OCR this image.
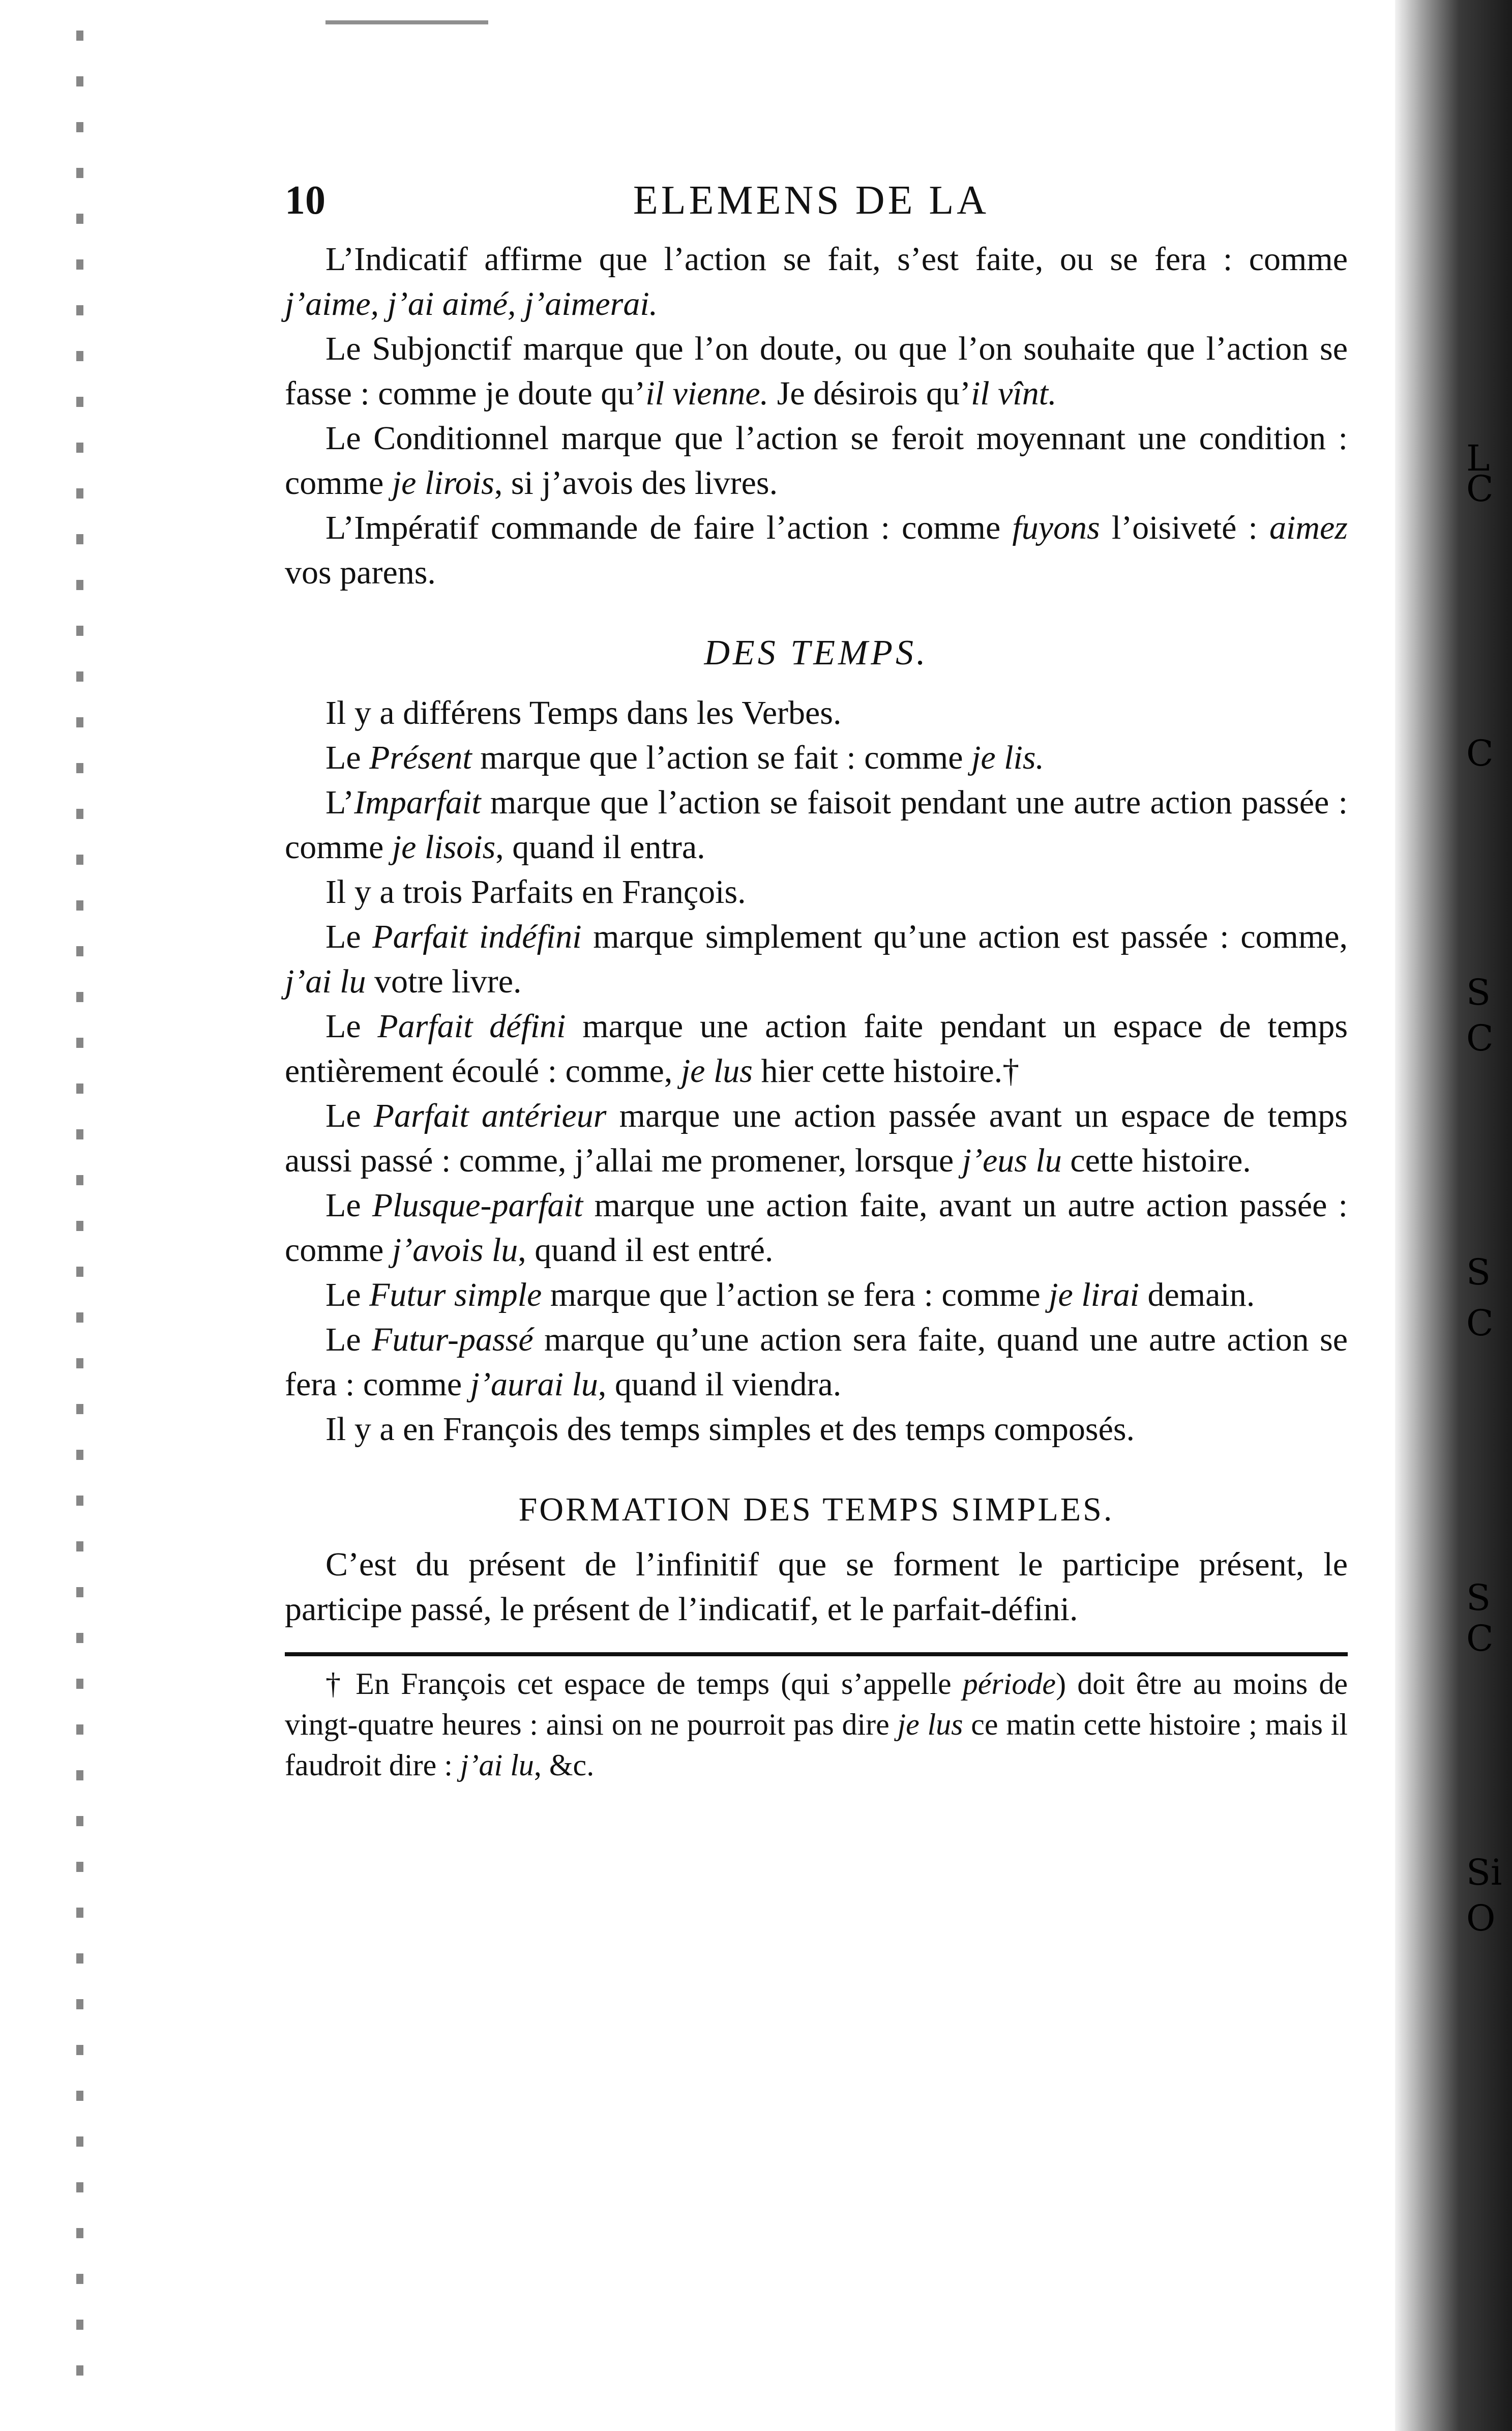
L
C
C
S
C
S
C
S
C
Si
O
10	ELEMENS DE LA

L’Indicatif affirme que l’action se fait, s’est faite, ou se fera : comme j’aime, j’ai aimé, j’aimerai.

Le Subjonctif marque que l’on doute, ou que l’on souhaite que l’action se fasse : comme je doute qu’il vienne. Je désirois qu’il vînt.

Le Conditionnel marque que l’action se feroit moyennant une condition : comme je lirois, si j’avois des livres.

L’Impératif commande de faire l’action : comme fuyons l’oisiveté : aimez vos parens.

DES TEMPS.

Il y a différens Temps dans les Verbes.

Le Présent marque que l’action se fait : comme je lis.

L’Imparfait marque que l’action se faisoit pendant une autre action passée : comme je lisois, quand il entra.

Il y a trois Parfaits en François.

Le Parfait indéfini marque simplement qu’une action est passée : comme, j’ai lu votre livre.

Le Parfait défini marque une action faite pendant un espace de temps entièrement écoulé : comme, je lus hier cette histoire.†

Le Parfait antérieur marque une action passée avant un espace de temps aussi passé : comme, j’allai me promener, lorsque j’eus lu cette histoire.

Le Plusque-parfait marque une action faite, avant un autre action passée : comme j’avois lu, quand il est entré.

Le Futur simple marque que l’action se fera : comme je lirai demain.

Le Futur-passé marque qu’une action sera faite, quand une autre action se fera : comme j’aurai lu, quand il viendra.

Il y a en François des temps simples et des temps composés.

FORMATION DES TEMPS SIMPLES.

C’est du présent de l’infinitif que se forment le participe présent, le participe passé, le présent de l’indicatif, et le parfait-défini.

† En François cet espace de temps (qui s’appelle période) doit être au moins de vingt-quatre heures : ainsi on ne pourroit pas dire je lus ce matin cette histoire ; mais il faudroit dire : j’ai lu, &c.
